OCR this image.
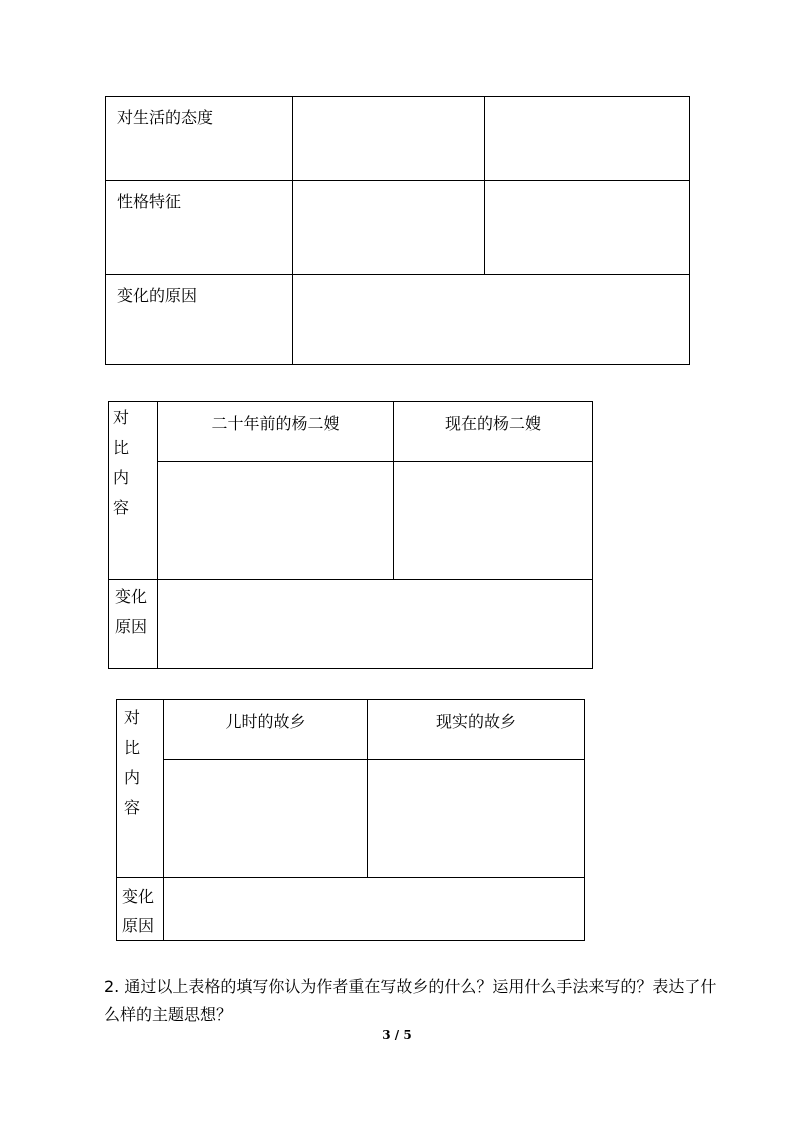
对生活的态度		
性格特征		
变化的原因		
对
比
内
容	二十年前的杨二嫂	现在的杨二嫂

变化
原因		

对
比
内
容	儿时的故乡	现实的故乡

变化
原因		

2. 通过以上表格的填写你认为作者重在写故乡的什么？运用什么手法来写的？表达了什么样的主题思想？
3 / 5
